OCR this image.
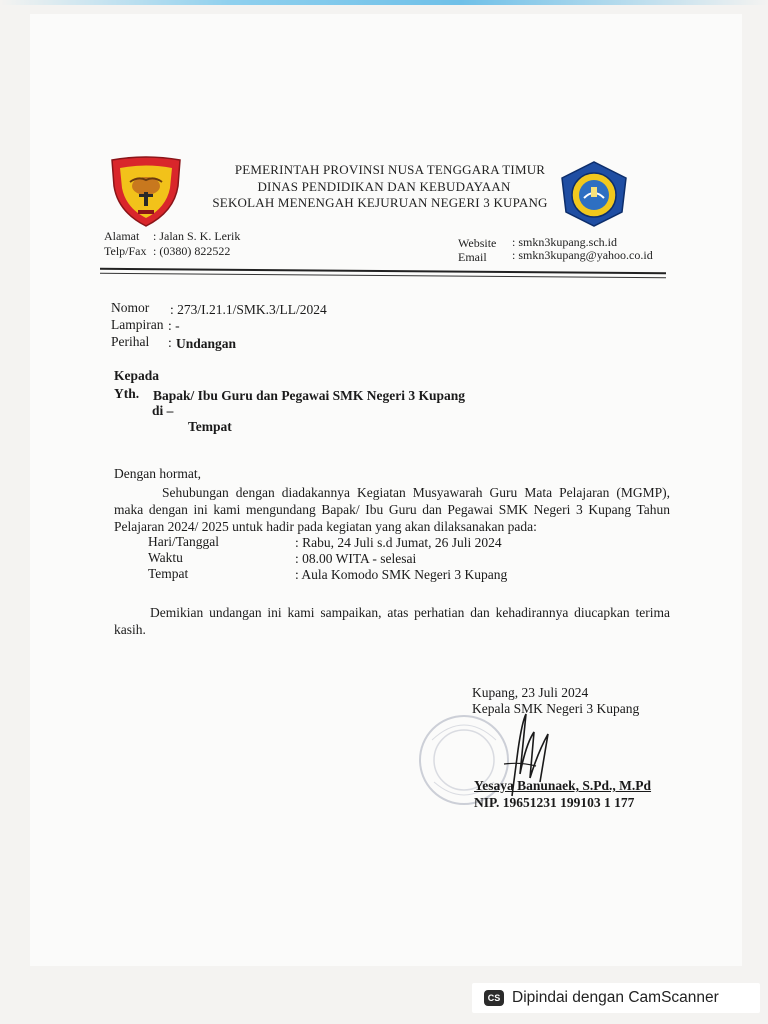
PEMERINTAH PROVINSI NUSA TENGGARA TIMUR
DINAS PENDIDIKAN DAN KEBUDAYAAN
SEKOLAH MENENGAH KEJURUAN NEGERI 3 KUPANG
Alamat : Jalan S. K. Lerik
Telp/Fax : (0380) 822522
Website : smkn3kupang.sch.id
Email : smkn3kupang@yahoo.co.id
Nomor : 273/I.21.1/SMK.3/LL/2024
Lampiran : -
Perihal : Undangan
Kepada
Yth. Bapak/ Ibu Guru dan Pegawai SMK Negeri 3 Kupang
di –
Tempat
Dengan hormat,
Sehubungan dengan diadakannya Kegiatan Musyawarah Guru Mata Pelajaran (MGMP), maka dengan ini kami mengundang Bapak/ Ibu Guru dan Pegawai SMK Negeri 3 Kupang Tahun Pelajaran 2024/ 2025 untuk hadir pada kegiatan yang akan dilaksanakan pada:
Hari/Tanggal	: Rabu, 24 Juli s.d Jumat, 26 Juli 2024
Waktu	: 08.00 WITA - selesai
Tempat	: Aula Komodo SMK Negeri 3 Kupang
Demikian undangan ini kami sampaikan, atas perhatian dan kehadirannya diucapkan terima kasih.
Kupang, 23 Juli 2024
Kepala SMK Negeri 3 Kupang
Yesaya Banunaek, S.Pd., M.Pd
NIP. 19651231 199103 1 177
CS Dipindai dengan CamScanner
